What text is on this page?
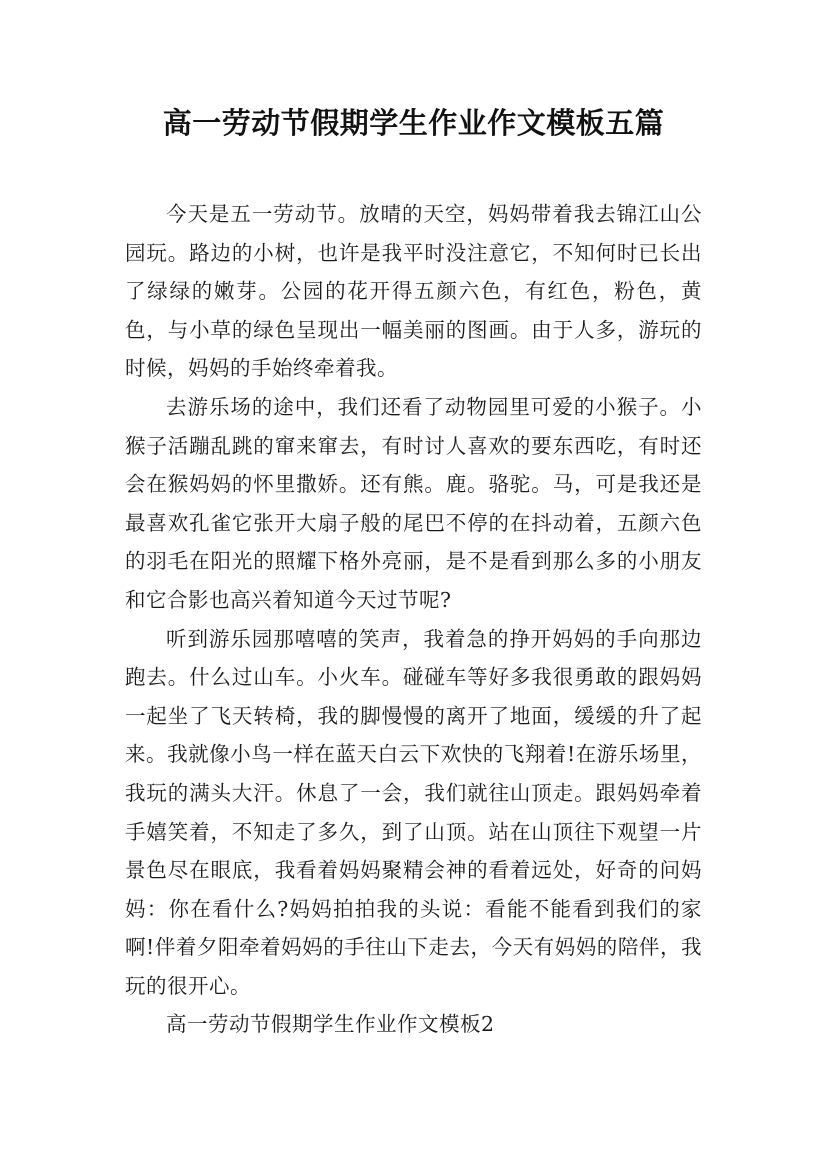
高一劳动节假期学生作业作文模板五篇

今天是五一劳动节。放晴的天空，妈妈带着我去锦江山公园玩。路边的小树，也许是我平时没注意它，不知何时已长出了绿绿的嫩芽。公园的花开得五颜六色，有红色，粉色，黄色，与小草的绿色呈现出一幅美丽的图画。由于人多，游玩的时候，妈妈的手始终牵着我。

去游乐场的途中，我们还看了动物园里可爱的小猴子。小猴子活蹦乱跳的窜来窜去，有时讨人喜欢的要东西吃，有时还会在猴妈妈的怀里撒娇。还有熊。鹿。骆驼。马，可是我还是最喜欢孔雀它张开大扇子般的尾巴不停的在抖动着，五颜六色的羽毛在阳光的照耀下格外亮丽，是不是看到那么多的小朋友和它合影也高兴着知道今天过节呢?

听到游乐园那嘻嘻的笑声，我着急的挣开妈妈的手向那边跑去。什么过山车。小火车。碰碰车等好多我很勇敢的跟妈妈一起坐了飞天转椅，我的脚慢慢的离开了地面，缓缓的升了起来。我就像小鸟一样在蓝天白云下欢快的飞翔着!在游乐场里，我玩的满头大汗。休息了一会，我们就往山顶走。跟妈妈牵着手嬉笑着，不知走了多久，到了山顶。站在山顶往下观望一片景色尽在眼底，我看着妈妈聚精会神的看着远处，好奇的问妈妈：你在看什么?妈妈拍拍我的头说：看能不能看到我们的家啊!伴着夕阳牵着妈妈的手往山下走去，今天有妈妈的陪伴，我玩的很开心。

高一劳动节假期学生作业作文模板2
